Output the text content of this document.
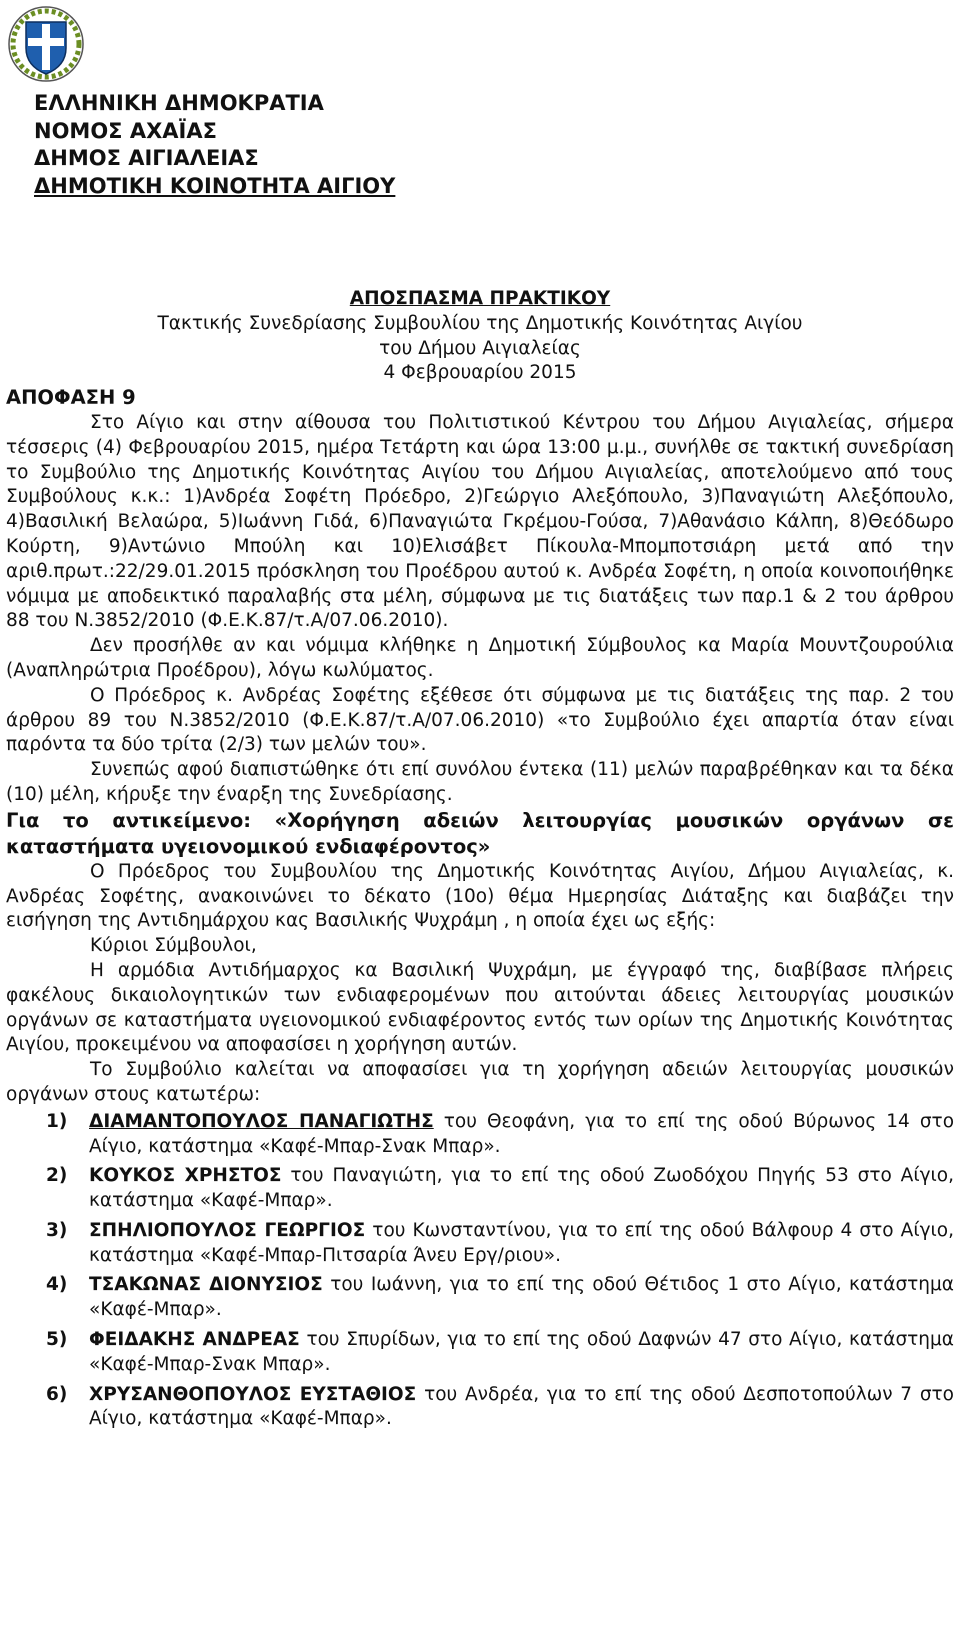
ΕΛΛΗΝΙΚΗ ΔΗΜΟΚΡΑΤΙΑ
ΝΟΜΟΣ ΑΧΑΪΑΣ
ΔΗΜΟΣ ΑΙΓΙΑΛΕΙΑΣ
ΔΗΜΟΤΙΚΗ ΚΟΙΝΟΤΗΤΑ ΑΙΓΙΟΥ

ΑΠΟΣΠΑΣΜΑ ΠΡΑΚΤΙΚΟΥ

Τακτικής Συνεδρίασης Συμβουλίου της Δημοτικής Κοινότητας Αιγίου

του Δήμου Αιγιαλείας

4 Φεβρουαρίου 2015

ΑΠΟΦΑΣΗ 9

Στο Αίγιο και στην αίθουσα του Πολιτιστικού Κέντρου του Δήμου Αιγιαλείας, σήμερα τέσσερις (4) Φεβρουαρίου 2015, ημέρα Τετάρτη και ώρα 13:00 μ.μ., συνήλθε σε τακτική συνεδρίαση το Συμβούλιο της Δημοτικής Κοινότητας Αιγίου του Δήμου Αιγιαλείας, αποτελούμενο από τους Συμβούλους κ.κ.: 1)Ανδρέα Σοφέτη Πρόεδρο, 2)Γεώργιο Αλεξόπουλο, 3)Παναγιώτη Αλεξόπουλο, 4)Βασιλική Βελαώρα, 5)Ιωάννη Γιδά, 6)Παναγιώτα Γκρέμου-Γούσα, 7)Αθανάσιο Κάλπη, 8)Θεόδωρο Κούρτη, 9)Αντώνιο Μπούλη και 10)Ελισάβετ Πίκουλα-Μπομποτσιάρη μετά από την αριθ.πρωτ.:22/29.01.2015 πρόσκληση του Προέδρου αυτού κ. Ανδρέα Σοφέτη, η οποία κοινοποιήθηκε νόμιμα με αποδεικτικό παραλαβής στα μέλη, σύμφωνα με τις διατάξεις των παρ.1 & 2 του άρθρου 88 του Ν.3852/2010 (Φ.Ε.Κ.87/τ.Α/07.06.2010).

Δεν προσήλθε αν και νόμιμα κλήθηκε η Δημοτική Σύμβουλος κα Μαρία Μουντζουρούλια (Αναπληρώτρια Προέδρου), λόγω κωλύματος.

Ο Πρόεδρος κ. Ανδρέας Σοφέτης εξέθεσε ότι σύμφωνα με τις διατάξεις της παρ. 2 του άρθρου 89 του Ν.3852/2010 (Φ.Ε.Κ.87/τ.Α/07.06.2010) «το Συμβούλιο έχει απαρτία όταν είναι παρόντα τα δύο τρίτα (2/3) των μελών του».

Συνεπώς αφού διαπιστώθηκε ότι επί συνόλου έντεκα (11) μελών παραβρέθηκαν και τα δέκα (10) μέλη, κήρυξε την έναρξη της Συνεδρίασης.

Για το αντικείμενο: «Χορήγηση αδειών λειτουργίας μουσικών οργάνων σε καταστήματα υγειονομικού ενδιαφέροντος»

Ο Πρόεδρος του Συμβουλίου της Δημοτικής Κοινότητας Αιγίου, Δήμου Αιγιαλείας, κ. Ανδρέας Σοφέτης, ανακοινώνει το δέκατο (10ο) θέμα Ημερησίας Διάταξης και διαβάζει την εισήγηση της Αντιδημάρχου κας Βασιλικής Ψυχράμη , η οποία έχει ως εξής:

Κύριοι Σύμβουλοι,

Η αρμόδια Αντιδήμαρχος κα Βασιλική Ψυχράμη, με έγγραφό της, διαβίβασε πλήρεις φακέλους δικαιολογητικών των ενδιαφερομένων που αιτούνται άδειες λειτουργίας μουσικών οργάνων σε καταστήματα υγειονομικού ενδιαφέροντος εντός των ορίων της Δημοτικής Κοινότητας Αιγίου, προκειμένου να αποφασίσει η χορήγηση αυτών.

Το Συμβούλιο καλείται να αποφασίσει για τη χορήγηση αδειών λειτουργίας μουσικών οργάνων στους κατωτέρω:

1) ΔΙΑΜΑΝΤΟΠΟΥΛΟΣ ΠΑΝΑΓΙΩΤΗΣ του Θεοφάνη, για το επί της οδού Βύρωνος 14 στο Αίγιο, κατάστημα «Καφέ-Μπαρ-Σνακ Μπαρ».
2) ΚΟΥΚΟΣ ΧΡΗΣΤΟΣ του Παναγιώτη, για το επί της οδού Ζωοδόχου Πηγής 53 στο Αίγιο, κατάστημα «Καφέ-Μπαρ».
3) ΣΠΗΛΙΟΠΟΥΛΟΣ ΓΕΩΡΓΙΟΣ του Κωνσταντίνου, για το επί της οδού Βάλφουρ 4 στο Αίγιο, κατάστημα «Καφέ-Μπαρ-Πιτσαρία Άνευ Εργ/ριου».
4) ΤΣΑΚΩΝΑΣ ΔΙΟΝΥΣΙΟΣ του Ιωάννη, για το επί της οδού Θέτιδος 1 στο Αίγιο, κατάστημα «Καφέ-Μπαρ».
5) ΦΕΙΔΑΚΗΣ ΑΝΔΡΕΑΣ του Σπυρίδων, για το επί της οδού Δαφνών 47 στο Αίγιο, κατάστημα «Καφέ-Μπαρ-Σνακ Μπαρ».
6) ΧΡΥΣΑΝΘΟΠΟΥΛΟΣ ΕΥΣΤΑΘΙΟΣ του Ανδρέα, για το επί της οδού Δεσποτοπούλων 7 στο Αίγιο, κατάστημα «Καφέ-Μπαρ».
